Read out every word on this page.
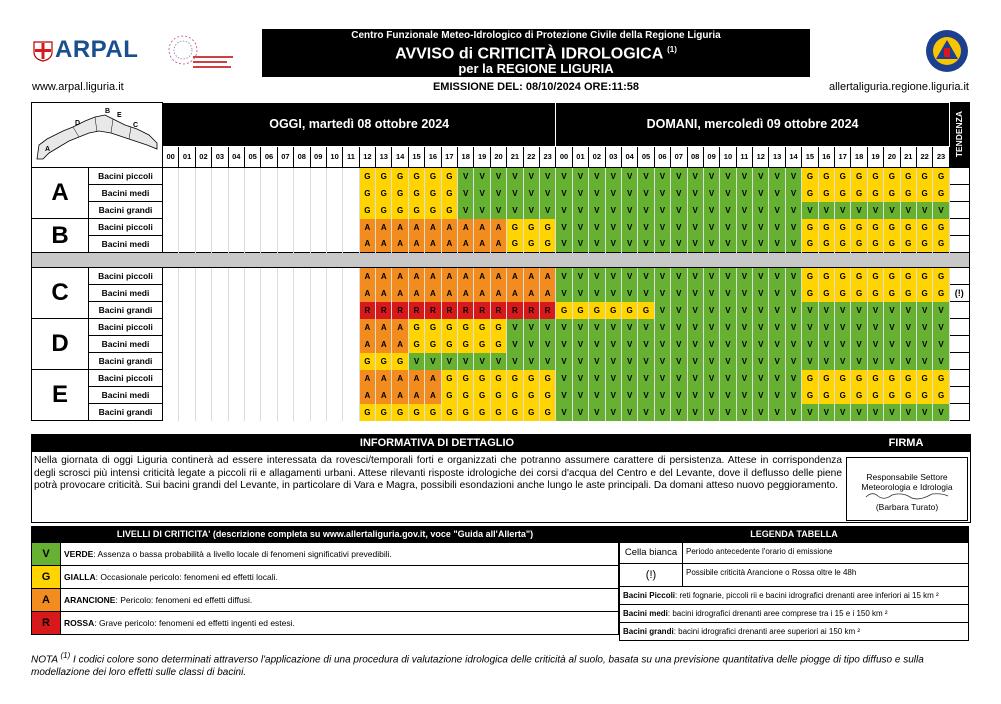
ARPAL
Centro Funzionale Meteo-Idrologico di Protezione Civile della Regione Liguria
AVVISO di CRITICITÀ IDROLOGICA $^{(1)}$
per la REGIONE LIGURIA
www.arpal.liguria.it	EMISSIONE DEL: 08/10/2024 ORE:11:58	allertaliguria.regione.liguria.it
A
D
B
E
C		OGGI, martedì 08 ottobre 2024																								DOMANI, mercoledì 09 ottobre 2024																								TENDENZA
		00	01	02	03	04	05	06	07	08	09	10	11	12	13	14	15	16	17	18	19	20	21	22	23	00	01	02	03	04	05	06	07	08	09	10	11	12	13	14	15	16	17	18	19	20	21	22	23	
A	Bacini piccoli													G	G	G	G	G	G	V	V	V	V	V	V	V	V	V	V	V	V	V	V	V	V	V	V	V	V	V	G	G	G	G	G	G	G	G	G	
	Bacini medi													G	G	G	G	G	G	V	V	V	V	V	V	V	V	V	V	V	V	V	V	V	V	V	V	V	V	V	G	G	G	G	G	G	G	G	G	
	Bacini grandi													G	G	G	G	G	G	V	V	V	V	V	V	V	V	V	V	V	V	V	V	V	V	V	V	V	V	V	V	V	V	V	V	V	V	V	V	
B	Bacini piccoli													A	A	A	A	A	A	A	A	A	G	G	G	V	V	V	V	V	V	V	V	V	V	V	V	V	V	V	G	G	G	G	G	G	G	G	G	
	Bacini medi													A	A	A	A	A	A	A	A	A	G	G	G	V	V	V	V	V	V	V	V	V	V	V	V	V	V	V	G	G	G	G	G	G	G	G	G	

C	Bacini piccoli													A	A	A	A	A	A	A	A	A	A	A	A	V	V	V	V	V	V	V	V	V	V	V	V	V	V	V	G	G	G	G	G	G	G	G	G	
	Bacini medi													A	A	A	A	A	A	A	A	A	A	A	A	V	V	V	V	V	V	V	V	V	V	V	V	V	V	V	G	G	G	G	G	G	G	G	G	(!)
	Bacini grandi													R	R	R	R	R	R	R	R	R	R	R	R	G	G	G	G	G	G	V	V	V	V	V	V	V	V	V	V	V	V	V	V	V	V	V	V	
D	Bacini piccoli													A	A	A	G	G	G	G	G	G	V	V	V	V	V	V	V	V	V	V	V	V	V	V	V	V	V	V	V	V	V	V	V	V	V	V	V	
	Bacini medi													A	A	A	G	G	G	G	G	G	V	V	V	V	V	V	V	V	V	V	V	V	V	V	V	V	V	V	V	V	V	V	V	V	V	V	V	
	Bacini grandi													G	G	G	V	V	V	V	V	V	V	V	V	V	V	V	V	V	V	V	V	V	V	V	V	V	V	V	V	V	V	V	V	V	V	V	V	
E	Bacini piccoli													A	A	A	A	A	G	G	G	G	G	G	G	V	V	V	V	V	V	V	V	V	V	V	V	V	V	V	G	G	G	G	G	G	G	G	G	
	Bacini medi													A	A	A	A	A	G	G	G	G	G	G	G	V	V	V	V	V	V	V	V	V	V	V	V	V	V	V	G	G	G	G	G	G	G	G	G	
	Bacini grandi													G	G	G	G	G	G	G	G	G	G	G	G	V	V	V	V	V	V	V	V	V	V	V	V	V	V	V	V	V	V	V	V	V	V	V	V	
INFORMATIVA DI DETTAGLIO	FIRMA
Nella giornata di oggi Liguria continerà ad essere interessata da rovesci/temporali forti e organizzati che potranno assumere carattere di persistenza. Attese in corrispondenza degli scrosci più intensi criticità legate a piccoli rii e allagamenti urbani. Attese rilevanti risposte idrologiche dei corsi d'acqua del Centro e del Levante, dove il deflusso delle piene potrà provocare criticità. Sui bacini grandi del Levante, in particolare di Vara e Magra, possibili esondazioni anche lungo le aste principali. Da domani atteso nuovo peggioramento.
Responsabile Settore Meteorologia e Idrologia
(Barbara Turato)
LIVELLI DI CRITICITA' (descrizione completa su www.allertaliguria.gov.it, voce "Guida all'Allerta")
V	VERDE: Assenza o bassa probabilità a livello locale di fenomeni significativi prevedibili.
G	GIALLA: Occasionale pericolo: fenomeni ed effetti locali.
A	ARANCIONE: Pericolo: fenomeni ed effetti diffusi.
R	ROSSA: Grave pericolo: fenomeni ed effetti ingenti ed estesi.
LEGENDA TABELLA
Cella bianca	Periodo antecedente l'orario di emissione
(!)	Possibile criticità Arancione o Rossa oltre le 48h
Bacini Piccoli: reti fognarie, piccoli rii e bacini idrografici drenanti aree inferiori ai 15 km ²
Bacini medi: bacini idrografici drenanti aree comprese tra i 15 e i 150 km ²
Bacini grandi: bacini idrografici drenanti aree superiori ai 150 km ²
NOTA $^{(1)}$ I codici colore sono determinati attraverso l'applicazione di una procedura di valutazione idrologica delle criticità al suolo, basata su una previsione quantitativa delle piogge di tipo diffuso e sulla modellazione dei loro effetti sulle classi di bacini.
